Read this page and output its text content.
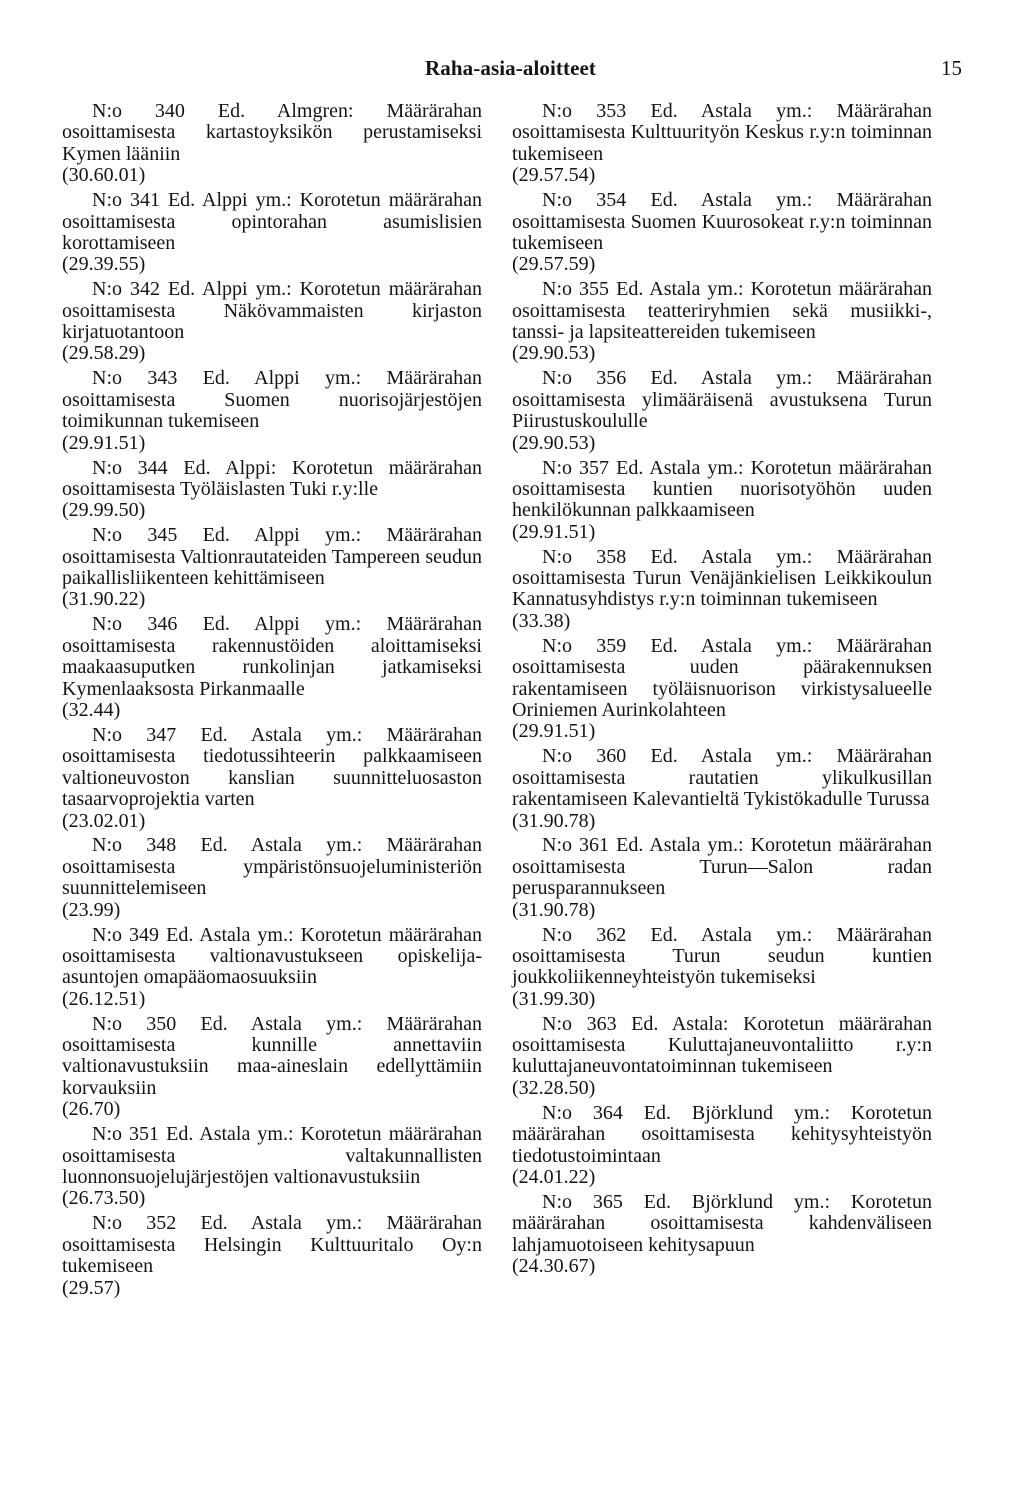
Raha-asia-aloitteet	15

N:o 340 Ed. Almgren: Määrärahan osoittamisesta kartastoyksikön perustamiseksi Kymen lääniin

(30.60.01)

N:o 341 Ed. Alppi ym.: Korotetun määrärahan osoittamisesta opintorahan asumislisien korottamiseen

(29.39.55)

N:o 342 Ed. Alppi ym.: Korotetun määrärahan osoittamisesta Näkövammaisten kirjaston kirjatuotantoon

(29.58.29)

N:o 343 Ed. Alppi ym.: Määrärahan osoittamisesta Suomen nuorisojärjestöjen toimikunnan tukemiseen

(29.91.51)

N:o 344 Ed. Alppi: Korotetun määrärahan osoittamisesta Työläislasten Tuki r.y:lle

(29.99.50)

N:o 345 Ed. Alppi ym.: Määrärahan osoittamisesta Valtionrautateiden Tampereen seudun paikallisliikenteen kehittämiseen

(31.90.22)

N:o 346 Ed. Alppi ym.: Määrärahan osoittamisesta rakennustöiden aloittamiseksi maakaasuputken runkolinjan jatkamiseksi Kymenlaaksosta Pirkanmaalle

(32.44)

N:o 347 Ed. Astala ym.: Määrärahan osoittamisesta tiedotussihteerin palkkaamiseen valtioneuvoston kanslian suunnitteluosaston tasaarvoprojektia varten

(23.02.01)

N:o 348 Ed. Astala ym.: Määrärahan osoittamisesta ympäristönsuojeluministeriön suunnittelemiseen

(23.99)

N:o 349 Ed. Astala ym.: Korotetun määrärahan osoittamisesta valtionavustukseen opiskelija-asuntojen omapääomaosuuksiin

(26.12.51)

N:o 350 Ed. Astala ym.: Määrärahan osoittamisesta kunnille annettaviin valtionavustuksiin maa-aineslain edellyttämiin korvauksiin

(26.70)

N:o 351 Ed. Astala ym.: Korotetun määrärahan osoittamisesta valtakunnallisten luonnonsuojelujärjestöjen valtionavustuksiin

(26.73.50)

N:o 352 Ed. Astala ym.: Määrärahan osoittamisesta Helsingin Kulttuuritalo Oy:n tukemiseen

(29.57)

N:o 353 Ed. Astala ym.: Määrärahan osoittamisesta Kulttuurityön Keskus r.y:n toiminnan tukemiseen

(29.57.54)

N:o 354 Ed. Astala ym.: Määrärahan osoittamisesta Suomen Kuurosokeat r.y:n toiminnan tukemiseen

(29.57.59)

N:o 355 Ed. Astala ym.: Korotetun määrärahan osoittamisesta teatteriryhmien sekä musiikki-, tanssi- ja lapsiteattereiden tukemiseen

(29.90.53)

N:o 356 Ed. Astala ym.: Määrärahan osoittamisesta ylimääräisenä avustuksena Turun Piirustuskoululle

(29.90.53)

N:o 357 Ed. Astala ym.: Korotetun määrärahan osoittamisesta kuntien nuorisotyöhön uuden henkilökunnan palkkaamiseen

(29.91.51)

N:o 358 Ed. Astala ym.: Määrärahan osoittamisesta Turun Venäjänkielisen Leikkikoulun Kannatusyhdistys r.y:n toiminnan tukemiseen

(33.38)

N:o 359 Ed. Astala ym.: Määrärahan osoittamisesta uuden päärakennuksen rakentamiseen työläisnuorison virkistysalueelle Oriniemen Aurinkolahteen

(29.91.51)

N:o 360 Ed. Astala ym.: Määrärahan osoittamisesta rautatien ylikulkusillan rakentamiseen Kalevantieltä Tykistökadulle Turussa

(31.90.78)

N:o 361 Ed. Astala ym.: Korotetun määrärahan osoittamisesta Turun—Salon radan perusparannukseen

(31.90.78)

N:o 362 Ed. Astala ym.: Määrärahan osoittamisesta Turun seudun kuntien joukkoliikenneyhteistyön tukemiseksi

(31.99.30)

N:o 363 Ed. Astala: Korotetun määrärahan osoittamisesta Kuluttajaneuvontaliitto r.y:n kuluttajaneuvontatoiminnan tukemiseen

(32.28.50)

N:o 364 Ed. Björklund ym.: Korotetun määrärahan osoittamisesta kehitysyhteistyön tiedotustoimintaan

(24.01.22)

N:o 365 Ed. Björklund ym.: Korotetun määrärahan osoittamisesta kahdenväliseen lahjamuotoiseen kehitysapuun

(24.30.67)
